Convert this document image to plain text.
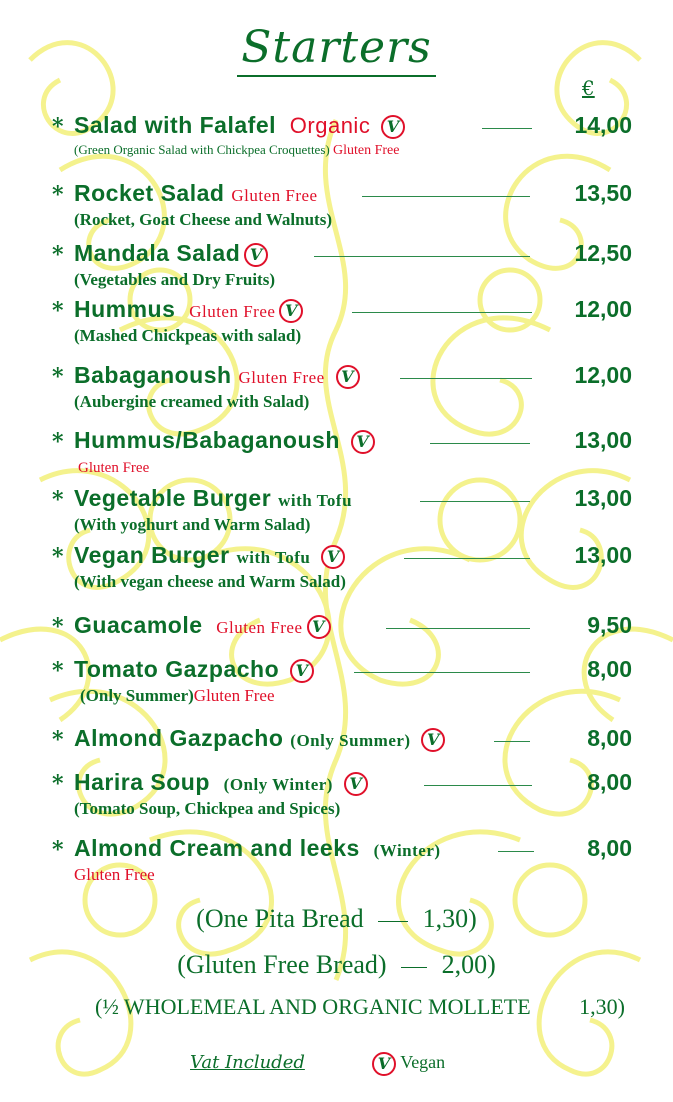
Starters
€
* Salad with Falafel Organic V	14,00
(Green Organic Salad with Chickpea Croquettes) Gluten Free
* Rocket Salad Gluten Free	13,50
(Rocket, Goat Cheese and Walnuts)
* Mandala Salad V	12,50
(Vegetables and Dry Fruits)
* Hummus Gluten Free V	12,00
(Mashed Chickpeas with salad)
* Babaganoush Gluten Free V	12,00
(Aubergine creamed with Salad)
* Hummus/Babaganoush V	13,00
Gluten Free
* Vegetable Burger with Tofu	13,00
(With yoghurt and Warm Salad)
* Vegan Burger with Tofu V	13,00
(With vegan cheese and Warm Salad)
* Guacamole Gluten Free V	9,50
* Tomato Gazpacho V	8,00
(Only Summer)Gluten Free
* Almond Gazpacho (Only Summer) V	8,00
* Harira Soup (Only Winter) V	8,00
(Tomato Soup, Chickpea and Spices)
* Almond Cream and leeks (Winter)	8,00
Gluten Free
(One Pita Bread 1,30)
(Gluten Free Bread) 2,00)
(½ WHOLEMEAL AND ORGANIC MOLLETE 1,30)
Vat Included	V Vegan
